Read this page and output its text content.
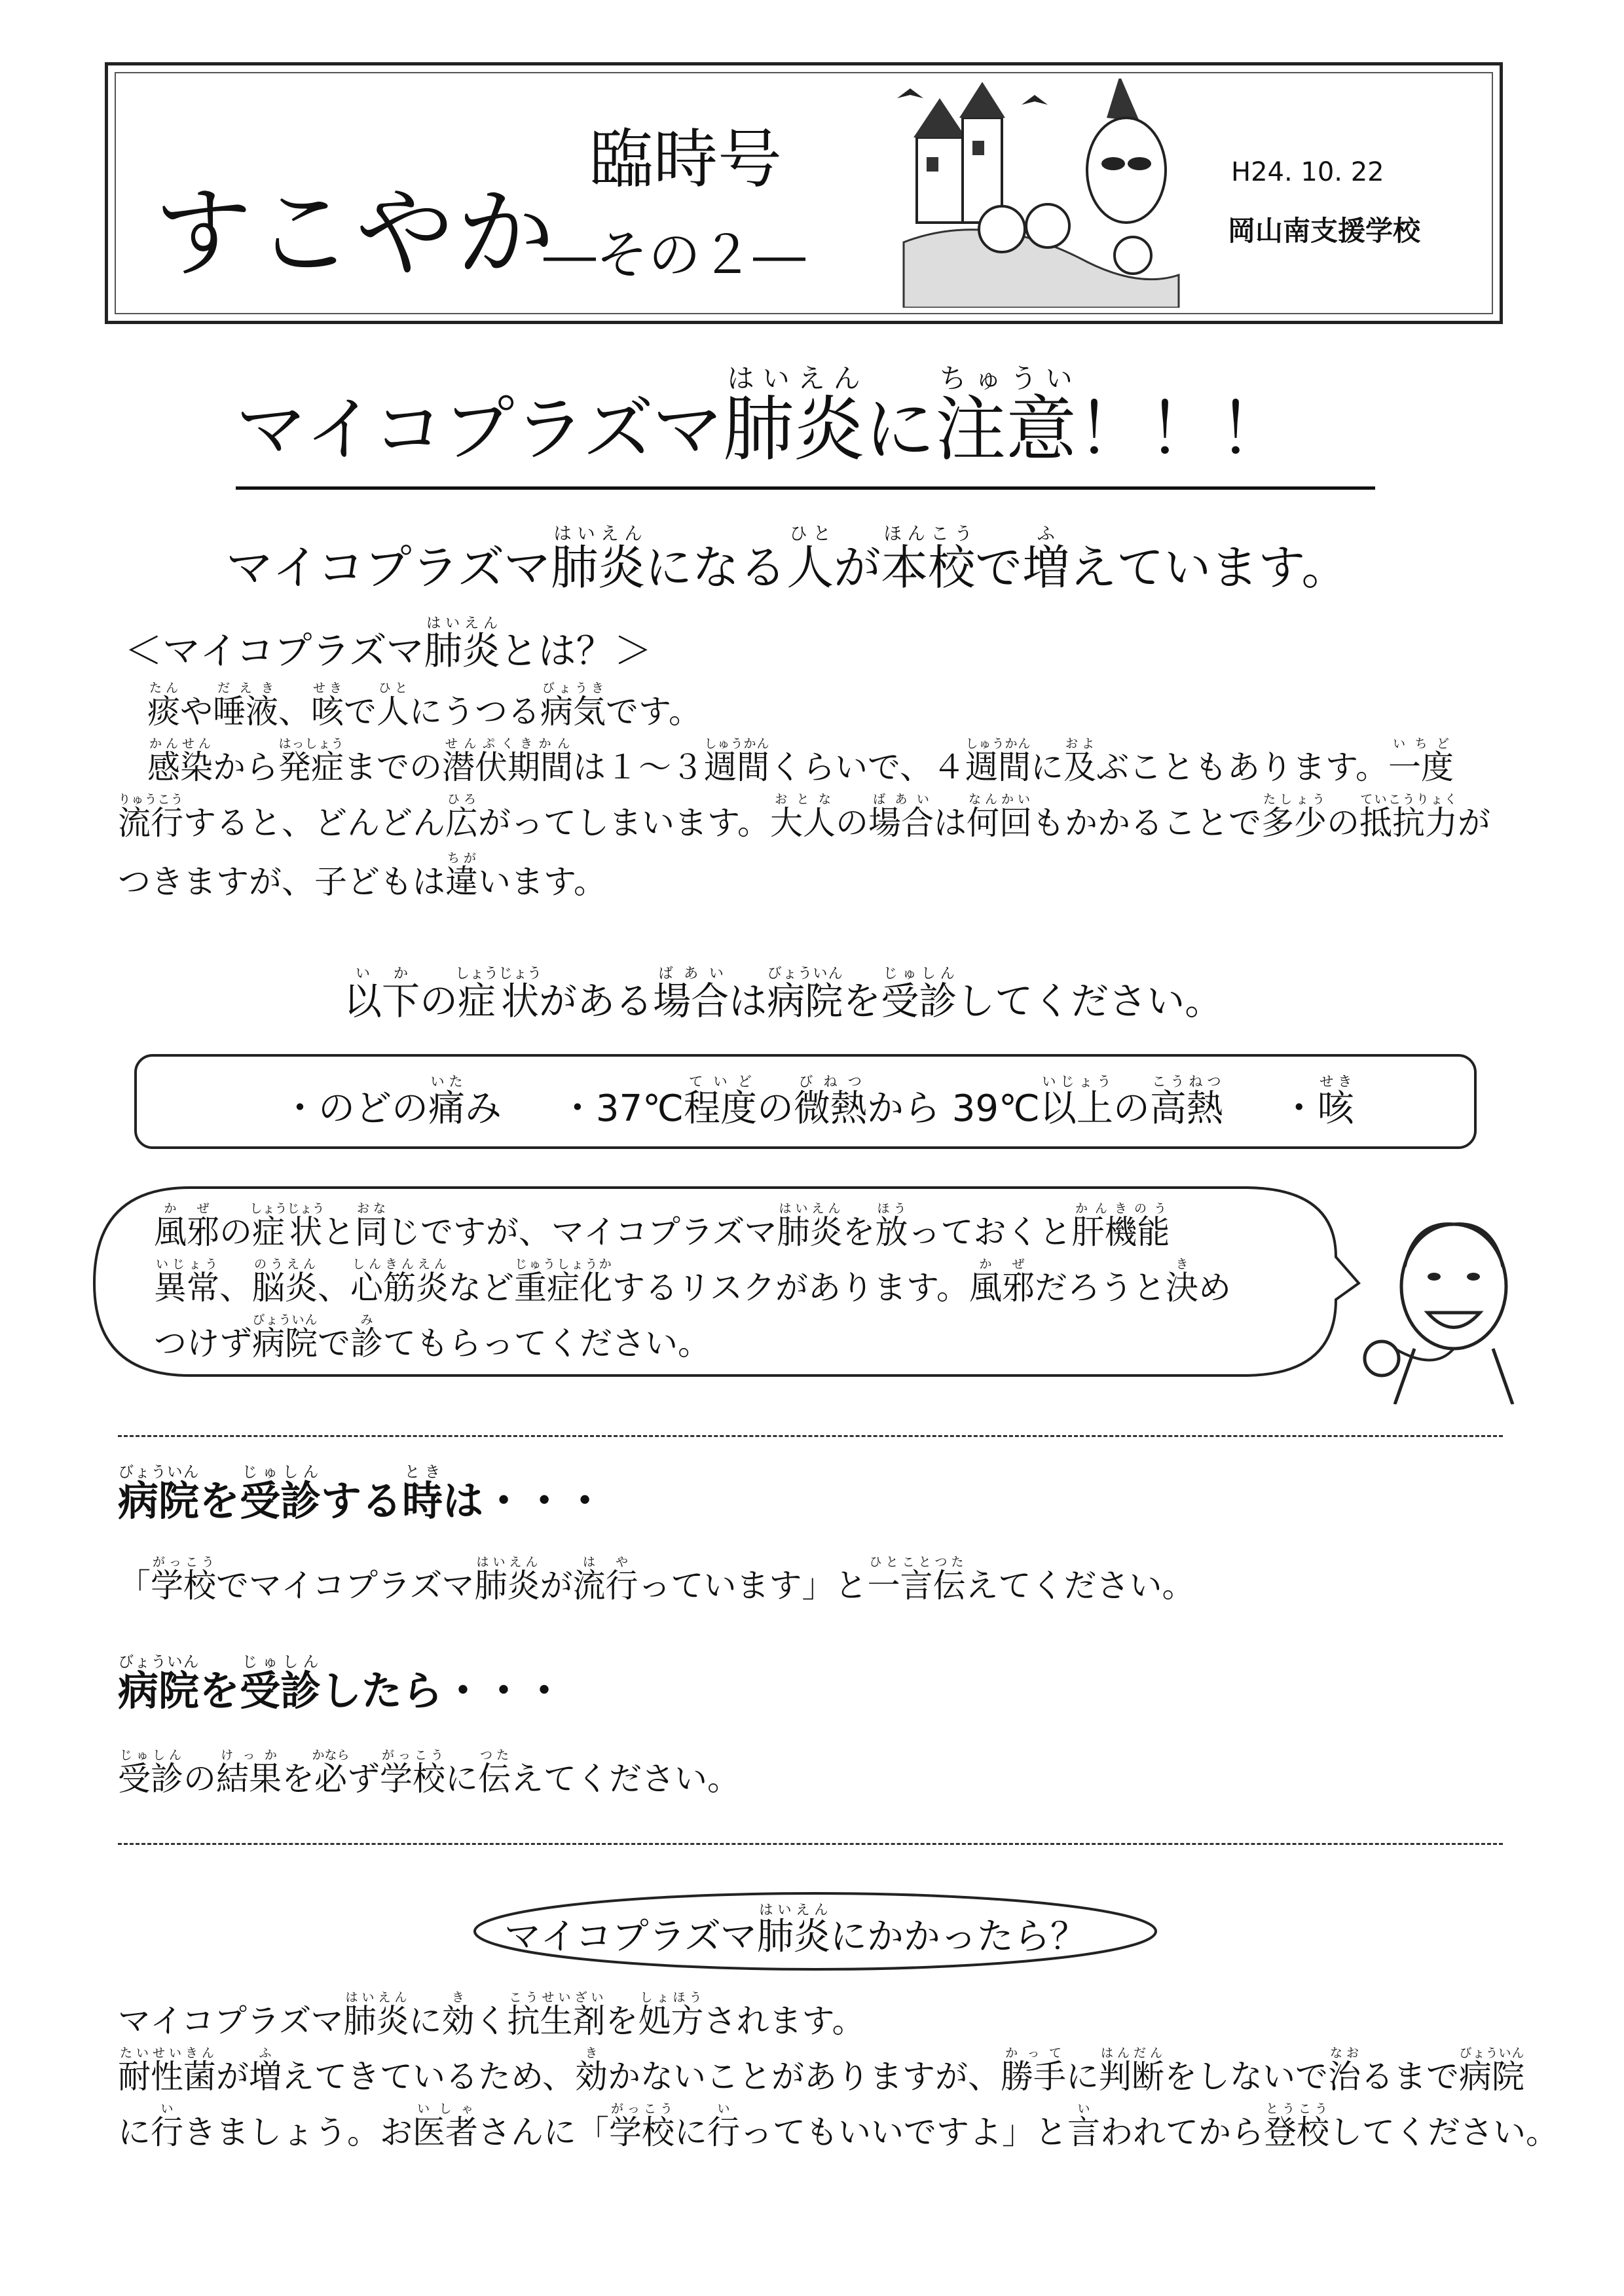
すこやか
臨時号
―その２―
H24. 10. 22
岡山南支援学校
マイコプラズマ肺炎はいえんに注意ちゅうい！！！
マイコプラズマ肺炎はいえんになる人ひとが本校ほんこうで増ふえています。
＜マイコプラズマ肺炎はいえんとは？＞
痰たんや唾液だえき、咳せきで人ひとにうつる病気びょうきです。
感染かんせんから発症はっしょうまでの潜伏期間せんぷくきかんは１～３週間しゅうかんくらいで、４週間しゅうかんに及およぶこともあります。一度いちど
流行りゅうこうすると、どんどん広ひろがってしまいます。大人おとなの場合ばあいは何回なんかいもかかることで多少たしょうの抵抗力ていこうりょくが
つきますが、子どもは違ちがいます。
以下いかの症状しょうじょうがある場合ばあいは病院びょういんを受診じゅしんしてください。
・のどの痛いたみ ・37℃程度ていどの微熱びねつから 39℃以上いじょうの高熱こうねつ ・咳せき
風邪かぜの症状しょうじょうと同おなじですが、マイコプラズマ肺炎はいえんを放ほうっておくと肝機能かんきのう
異常いじょう、脳炎のうえん、心筋炎しんきんえんなど重症化じゅうしょうかするリスクがあります。風邪かぜだろうと決きめ
つけず病院びょういんで診みてもらってください。
病院びょういんを受診じゅしんする時ときは・・・
「学校がっこうでマイコプラズマ肺炎はいえんが流行はやっています」と一言伝ひとことつたえてください。
病院びょういんを受診じゅしんしたら・・・
受診じゅしんの結果けっかを必かならず学校がっこうに伝つたえてください。
マイコプラズマ肺炎はいえんにかかったら？
マイコプラズマ肺炎はいえんに効きく抗生剤こうせいざいを処方しょほうされます。
耐性菌たいせいきんが増ふえてきているため、効きかないことがありますが、勝手かってに判断はんだんをしないで治なおるまで病院びょういん
に行いきましょう。お医者いしゃさんに「学校がっこうに行いってもいいですよ」と言いわれてから登校とうこうしてください。
